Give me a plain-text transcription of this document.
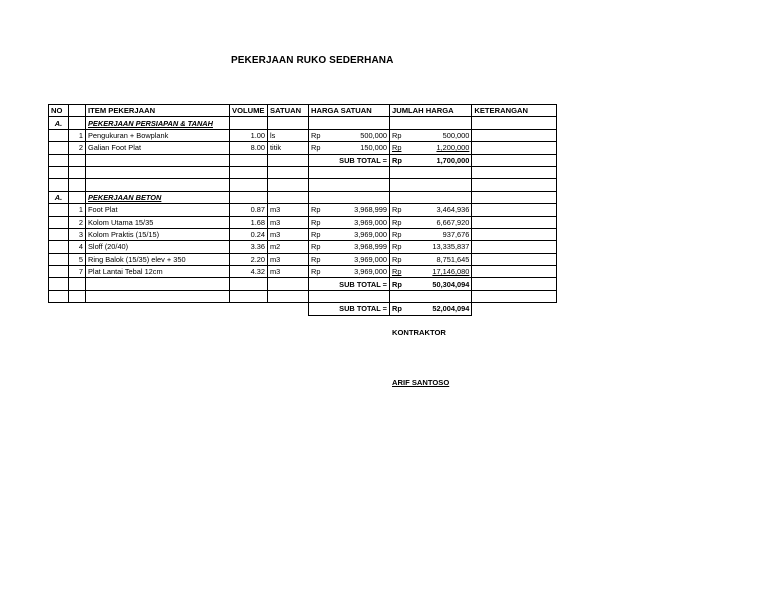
PEKERJAAN RUKO SEDERHANA
NO		ITEM PEKERJAAN	VOLUME	SATUAN	HARGA SATUAN		JUMLAH HARGA		KETERANGAN
A.		PEKERJAAN PERSIAPAN & TANAH							
	1	Pengukuran + Bowplank	1.00	ls	Rp	500,000	Rp	500,000	
	2	Galian Foot Plat	8.00	titik	Rp	150,000	Rp	1,200,000	
					SUB TOTAL =		Rp	1,700,000	

A.		PEKERJAAN BETON							
	1	Foot Plat	0.87	m3	Rp	3,968,999	Rp	3,464,936	
	2	Kolom Utama 15/35	1.68	m3	Rp	3,969,000	Rp	6,667,920	
	3	Kolom Praktis (15/15)	0.24	m3	Rp	3,969,000	Rp	937,676	
	4	Sloff (20/40)	3.36	m2	Rp	3,968,999	Rp	13,335,837	
	5	Ring Balok (15/35) elev + 350	2.20	m3	Rp	3,969,000	Rp	8,751,645	
	7	Plat Lantai Tebal 12cm	4.32	m3	Rp	3,969,000	Rp	17,146,080	
					SUB TOTAL =		Rp	50,304,094	

					SUB TOTAL =		Rp	52,004,094	
KONTRAKTOR
ARIF SANTOSO
